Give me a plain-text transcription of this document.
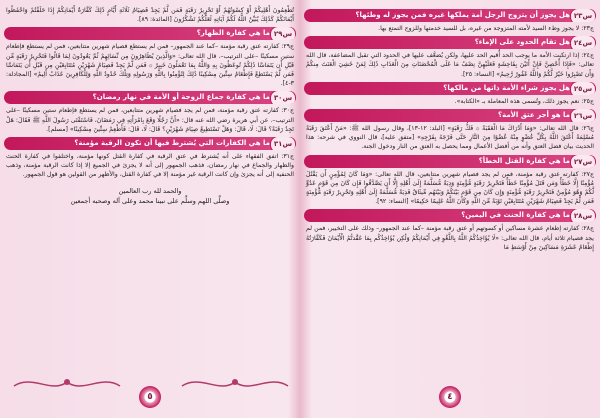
تُطْعِمُونَ أَهْلِيكُمْ أَوْ كِسْوَتُهُمْ أَوْ تَحْرِيرُ رَقَبَةٍ فَمَن لَّمْ يَجِدْ فَصِيَامُ ثَلَاثَةِ أَيَّامٍ ذَٰلِكَ كَفَّارَةُ أَيْمَانِكُمْ إِذَا حَلَفْتُمْ وَاحْفَظُوا أَيْمَانَكُمْ كَذَٰلِكَ يُبَيِّنُ اللَّهُ لَكُمْ آيَاتِهِ لَعَلَّكُمْ تَشْكُرُونَ [المائدة: ٨٩].
س٢٩
ما هي كفارة الظهار؟
ج٢٩: كفارته عتق رقبة مؤمنة –كما عند الجمهور– فمن لم يستطع فصيام شهرين متتابعين، فمن لم يستطع فإطعام ستين مسكينًا –على الترتيب–. قال الله تعالى: «وَالَّذِينَ يُظَاهِرُونَ مِن نِّسَائِهِمْ ثُمَّ يَعُودُونَ لِمَا قَالُوا فَتَحْرِيرُ رَقَبَةٍ مِّن قَبْلِ أَن يَتَمَاسَّا ذَٰلِكُمْ تُوعَظُونَ بِهِ وَاللَّهُ بِمَا تَعْمَلُونَ خَبِيرٌ ۞ فَمَن لَّمْ يَجِدْ فَصِيَامُ شَهْرَيْنِ مُتَتَابِعَيْنِ مِن قَبْلِ أَن يَتَمَاسَّا فَمَن لَّمْ يَسْتَطِعْ فَإِطْعَامُ سِتِّينَ مِسْكِينًا ذَٰلِكَ لِتُؤْمِنُوا بِاللَّهِ وَرَسُولِهِ وَتِلْكَ حُدُودُ اللَّهِ وَلِلْكَافِرِينَ عَذَابٌ أَلِيمٌ» [المجادلة: ٣-٤].
س٣٠
ما هي كفارة جماع الزوجة أو الأمة في نهار رمضان؟
ج٣٠: كفارته عتق رقبة مؤمنة، فمن لم يجد فصيام شهرين متتابعين، فمن لم يستطع فإطعام ستين مسكينًا –على الترتيب–. عن أبي هريرة رضي الله عنه قال: «أَنَّ رَجُلًا وَقَعَ بِامْرَأَتِهِ فِي رَمَضَانَ، فَاسْتَفْتَى رَسُولَ اللَّهِ ﷺ فَقَالَ: هَلْ تَجِدُ رَقَبَةً؟ قَالَ: لَا، قَالَ: وَهَلْ تَسْتَطِيعُ صِيَامَ شَهْرَيْنِ؟ قَالَ: لَا، قَالَ: فَأَطْعِمْ سِتِّينَ مِسْكِينًا» [مسلم].
س٣١
ما هي الكفارات التي يُشترط فيها أن تكون الرقبة مؤمنة؟
ج٣١: اتفق الفقهاء على أنه يُشترط في عتق الرقبة في كفارة القتل كونها مؤمنة، واختلفوا في كفارة الحنث والظهار والجماع في نهار رمضان، فذهب الجمهور إلى أنه لا يجزئ في الجميع إلا إذا كانت الرقبة مؤمنة، وذهب الحنفية إلى أنه يجزئ وإن كانت الرقبة غير مؤمنة إلا في كفارة القتل، والأظهر من القولين هو قول الجمهور.
والحمد لله رب العالمين
وصلَّى اللهم وسلَّم على نبينا محمد وعلى آله وصحبه أجمعين
٥
س٢٣
هل يجوز أن يتزوج الرجل أمة يملكها غيره فمن يجوز له وطئها؟
ج٢٣: لا يجوز وطء السيد لأمته المتزوجة من غيره، بل للسيد خدمتها وللزوج التمتع بها.
س٢٤
هل تقام الحدود على الإماء؟
ج٢٤: إذا ارتكبت الأمة ما يوجب الحد أُقيم الحد عليها، ولكن يُضعَّف عليها في الحدود التي تقبل المضاعفة، قال الله تعالى: «فَإِذَا أُحْصِنَّ فَإِنْ أَتَيْنَ بِفَاحِشَةٍ فَعَلَيْهِنَّ نِصْفُ مَا عَلَى الْمُحْصَنَاتِ مِنَ الْعَذَابِ ذَٰلِكَ لِمَنْ خَشِيَ الْعَنَتَ مِنكُمْ وَأَن تَصْبِرُوا خَيْرٌ لَّكُمْ وَاللَّهُ غَفُورٌ رَّحِيمٌ» [النساء: ٢٥].
س٢٥
هل يجوز شراء الأمة ذاتها من مالكها؟
ج٢٥: نعم يجوز ذلك، وتُسمى هذه المعاملة بـ «الكتابة».
س٢٦
ما هو أجر عتق الأمة؟
ج٢٦: قال الله تعالى: «وَمَا أَدْرَاكَ مَا الْعَقَبَةُ ۞ فَكُّ رَقَبَةٍ» [البلد: ١٢-١٣]، وقال رسول الله ﷺ: «مَنْ أَعْتَقَ رَقَبَةً مُسْلِمَةً أَعْتَقَ اللَّهُ بِكُلِّ عُضْوٍ مِنْهُ عُضْوًا مِنَ النَّارِ حَتَّى فَرْجَهُ بِفَرْجِهِ» [متفق عليه]، قال النووي في شرحه: هذا الحديث بيان فضل العتق وأنه من أفضل الأعمال ومما يحصل به العتق من النار ودخول الجنة.
س٢٧
ما هي كفارة القتل الخطأ؟
ج٢٧: كفارته عتق رقبة مؤمنة، فمن لم يجد فصيام شهرين متتابعين، قال الله تعالى: «وَمَا كَانَ لِمُؤْمِنٍ أَن يَقْتُلَ مُؤْمِنًا إِلَّا خَطَأً وَمَن قَتَلَ مُؤْمِنًا خَطَأً فَتَحْرِيرُ رَقَبَةٍ مُّؤْمِنَةٍ وَدِيَةٌ مُّسَلَّمَةٌ إِلَىٰ أَهْلِهِ إِلَّا أَن يَصَّدَّقُوا فَإِن كَانَ مِن قَوْمٍ عَدُوٍّ لَّكُمْ وَهُوَ مُؤْمِنٌ فَتَحْرِيرُ رَقَبَةٍ مُّؤْمِنَةٍ وَإِن كَانَ مِن قَوْمٍ بَيْنَكُمْ وَبَيْنَهُم مِّيثَاقٌ فَدِيَةٌ مُّسَلَّمَةٌ إِلَىٰ أَهْلِهِ وَتَحْرِيرُ رَقَبَةٍ مُّؤْمِنَةٍ فَمَن لَّمْ يَجِدْ فَصِيَامُ شَهْرَيْنِ مُتَتَابِعَيْنِ تَوْبَةً مِّنَ اللَّهِ وَكَانَ اللَّهُ عَلِيمًا حَكِيمًا» [النساء: ٩٢].
س٢٨
ما هي كفارة الحنث في اليمين؟
ج٢٨: كفارته إطعام عشرة مساكين أو كسوتهم أو عتق رقبة مؤمنة –كما عند الجمهور– وذلك على التخيير، فمن لم يجد فصيام ثلاثة أيام، قال الله تعالى: «لَا يُؤَاخِذُكُمُ اللَّهُ بِاللَّغْوِ فِي أَيْمَانِكُمْ وَلَٰكِن يُؤَاخِذُكُم بِمَا عَقَّدتُّمُ الْأَيْمَانَ فَكَفَّارَتُهُ إِطْعَامُ عَشَرَةِ مَسَاكِينَ مِنْ أَوْسَطِ مَا
٤
